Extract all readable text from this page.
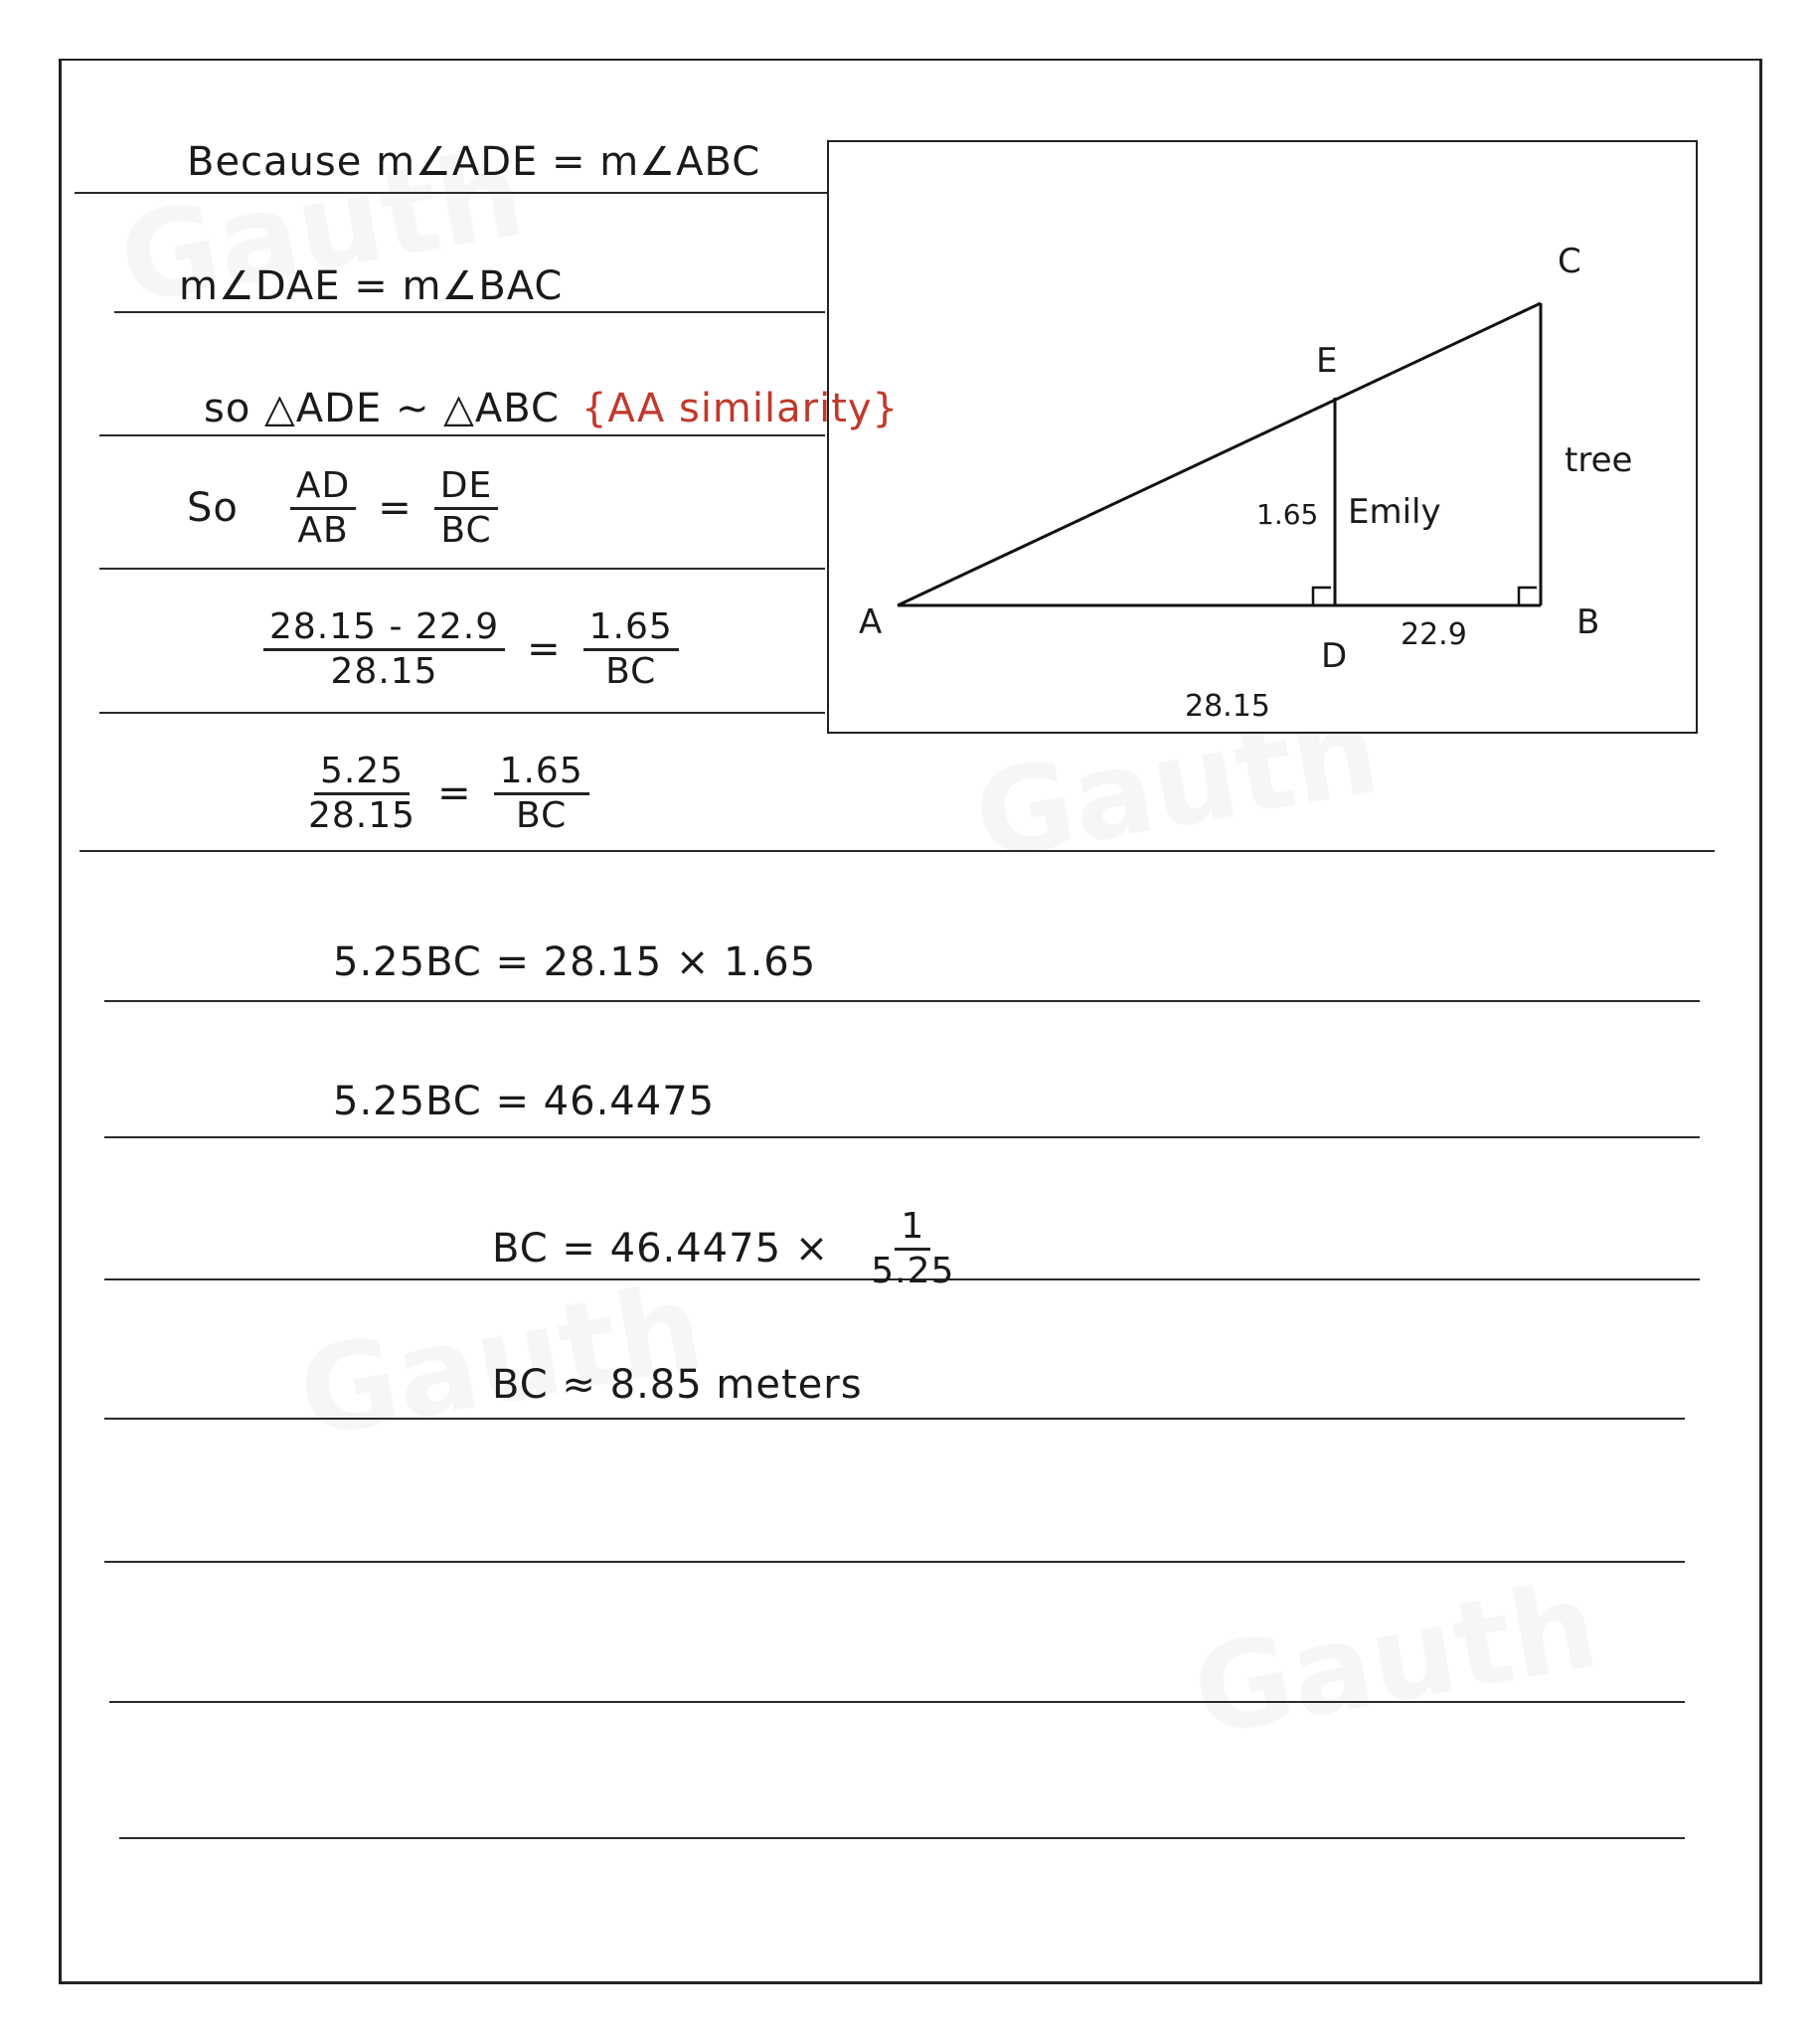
C
E
tree
1.65 Emily
A
D
22.9	B
28.15
Because m∠ADE = m∠ABC
m∠DAE = m∠BAC
so △ADE ~ △ABC {AA similarity}
So $\frac{AD}{AB} = \frac{DE}{BC}$
$\frac{28.15 - 22.9}{28.15} = \frac{1.65}{BC}$
$\frac{5.25}{28.15} = \frac{1.65}{BC}$
5.25BC = 28.15 × 1.65
5.25BC = 46.4475
BC = $46.4475 \times \frac{1}{5.25}$
BC ≈ 8.85 meters
